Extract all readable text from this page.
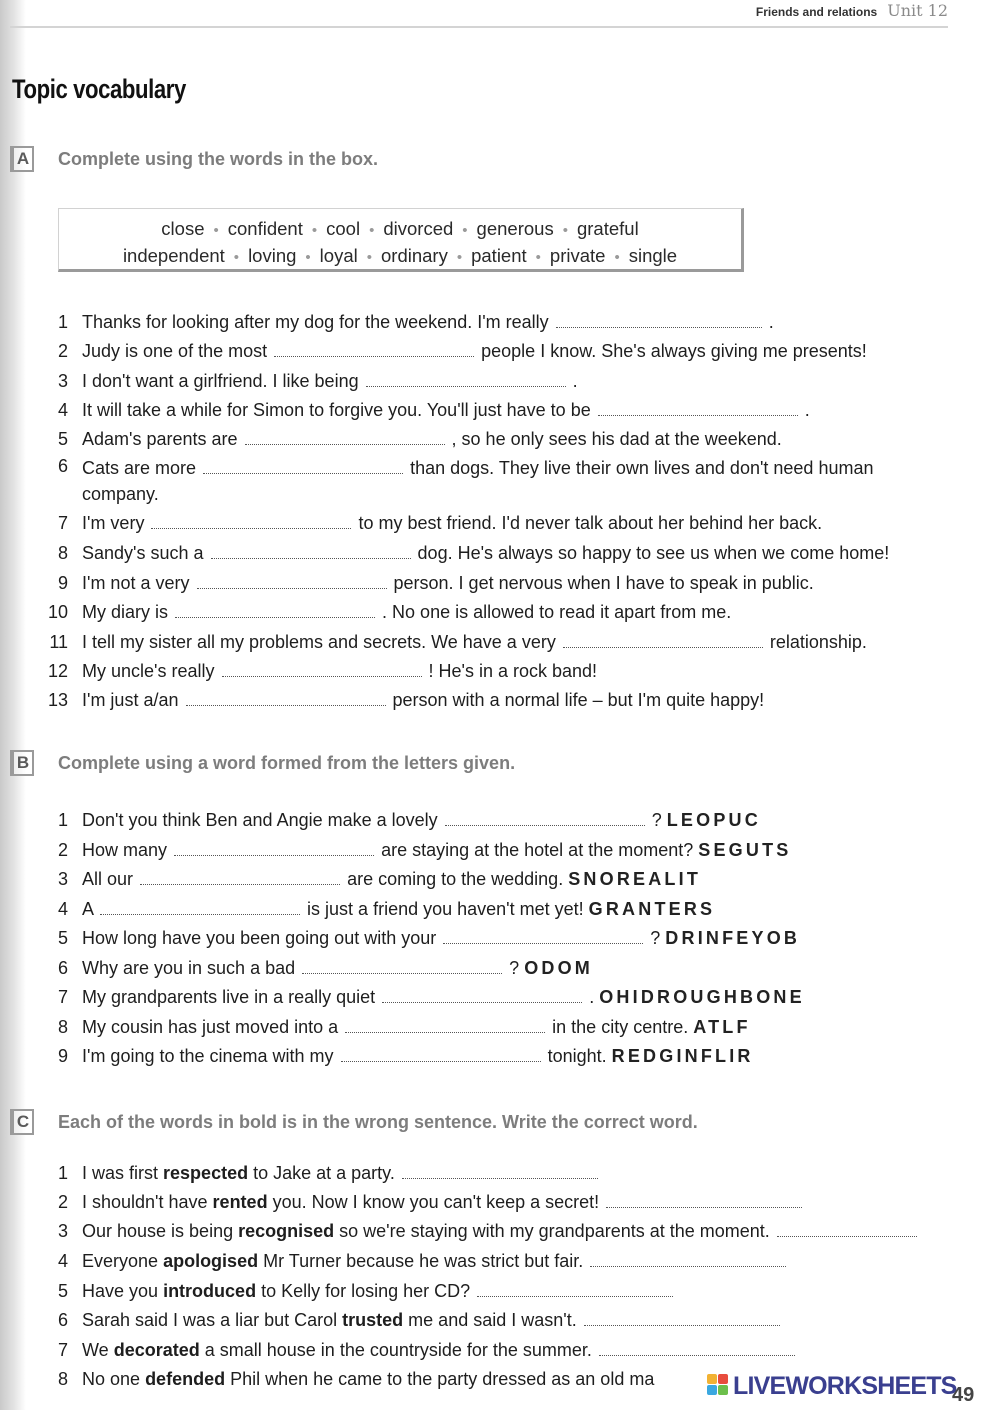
Friends and relations Unit 12
Topic vocabulary
A Complete using the words in the box.
close • confident • cool • divorced • generous • grateful
independent • loving • loyal • ordinary • patient • private • single
1 Thanks for looking after my dog for the weekend. I'm really	.
2 Judy is one of the most	people I know. She's always giving me presents!
3 I don't want a girlfriend. I like being	.
4 It will take a while for Simon to forgive you. You'll just have to be	.
5 Adam's parents are	, so he only sees his dad at the weekend.
6 Cats are more	than dogs. They live their own lives and don't need human company.
7 I'm very	to my best friend. I'd never talk about her behind her back.
8 Sandy's such a	dog. He's always so happy to see us when we come home!
9 I'm not a very	person. I get nervous when I have to speak in public.
10 My diary is	. No one is allowed to read it apart from me.
11 I tell my sister all my problems and secrets. We have a very	relationship.
12 My uncle's really	! He's in a rock band!
13 I'm just a/an	person with a normal life – but I'm quite happy!
B Complete using a word formed from the letters given.
1 Don't you think Ben and Angie make a lovely	? LEOPUC
2 How many	are staying at the hotel at the moment? SEGUTS
3 All our	are coming to the wedding. SNOREALIT
4 A	is just a friend you haven't met yet! GRANTERS
5 How long have you been going out with your	? DRINFEYOB
6 Why are you in such a bad	? ODOM
7 My grandparents live in a really quiet	. OHIDROUGHBONE
8 My cousin has just moved into a	in the city centre. ATLF
9 I'm going to the cinema with my	tonight. REDGINFLIR
C Each of the words in bold is in the wrong sentence. Write the correct word.
1 I was first respected to Jake at a party.
2 I shouldn't have rented you. Now I know you can't keep a secret!
3 Our house is being recognised so we're staying with my grandparents at the moment.
4 Everyone apologised Mr Turner because he was strict but fair.
5 Have you introduced to Kelly for losing her CD?
6 Sarah said I was a liar but Carol trusted me and said I wasn't.
7 We decorated a small house in the countryside for the summer.
8 No one defended Phil when he came to the party dressed as an old ma	LIVEWORKSHEETS
49
